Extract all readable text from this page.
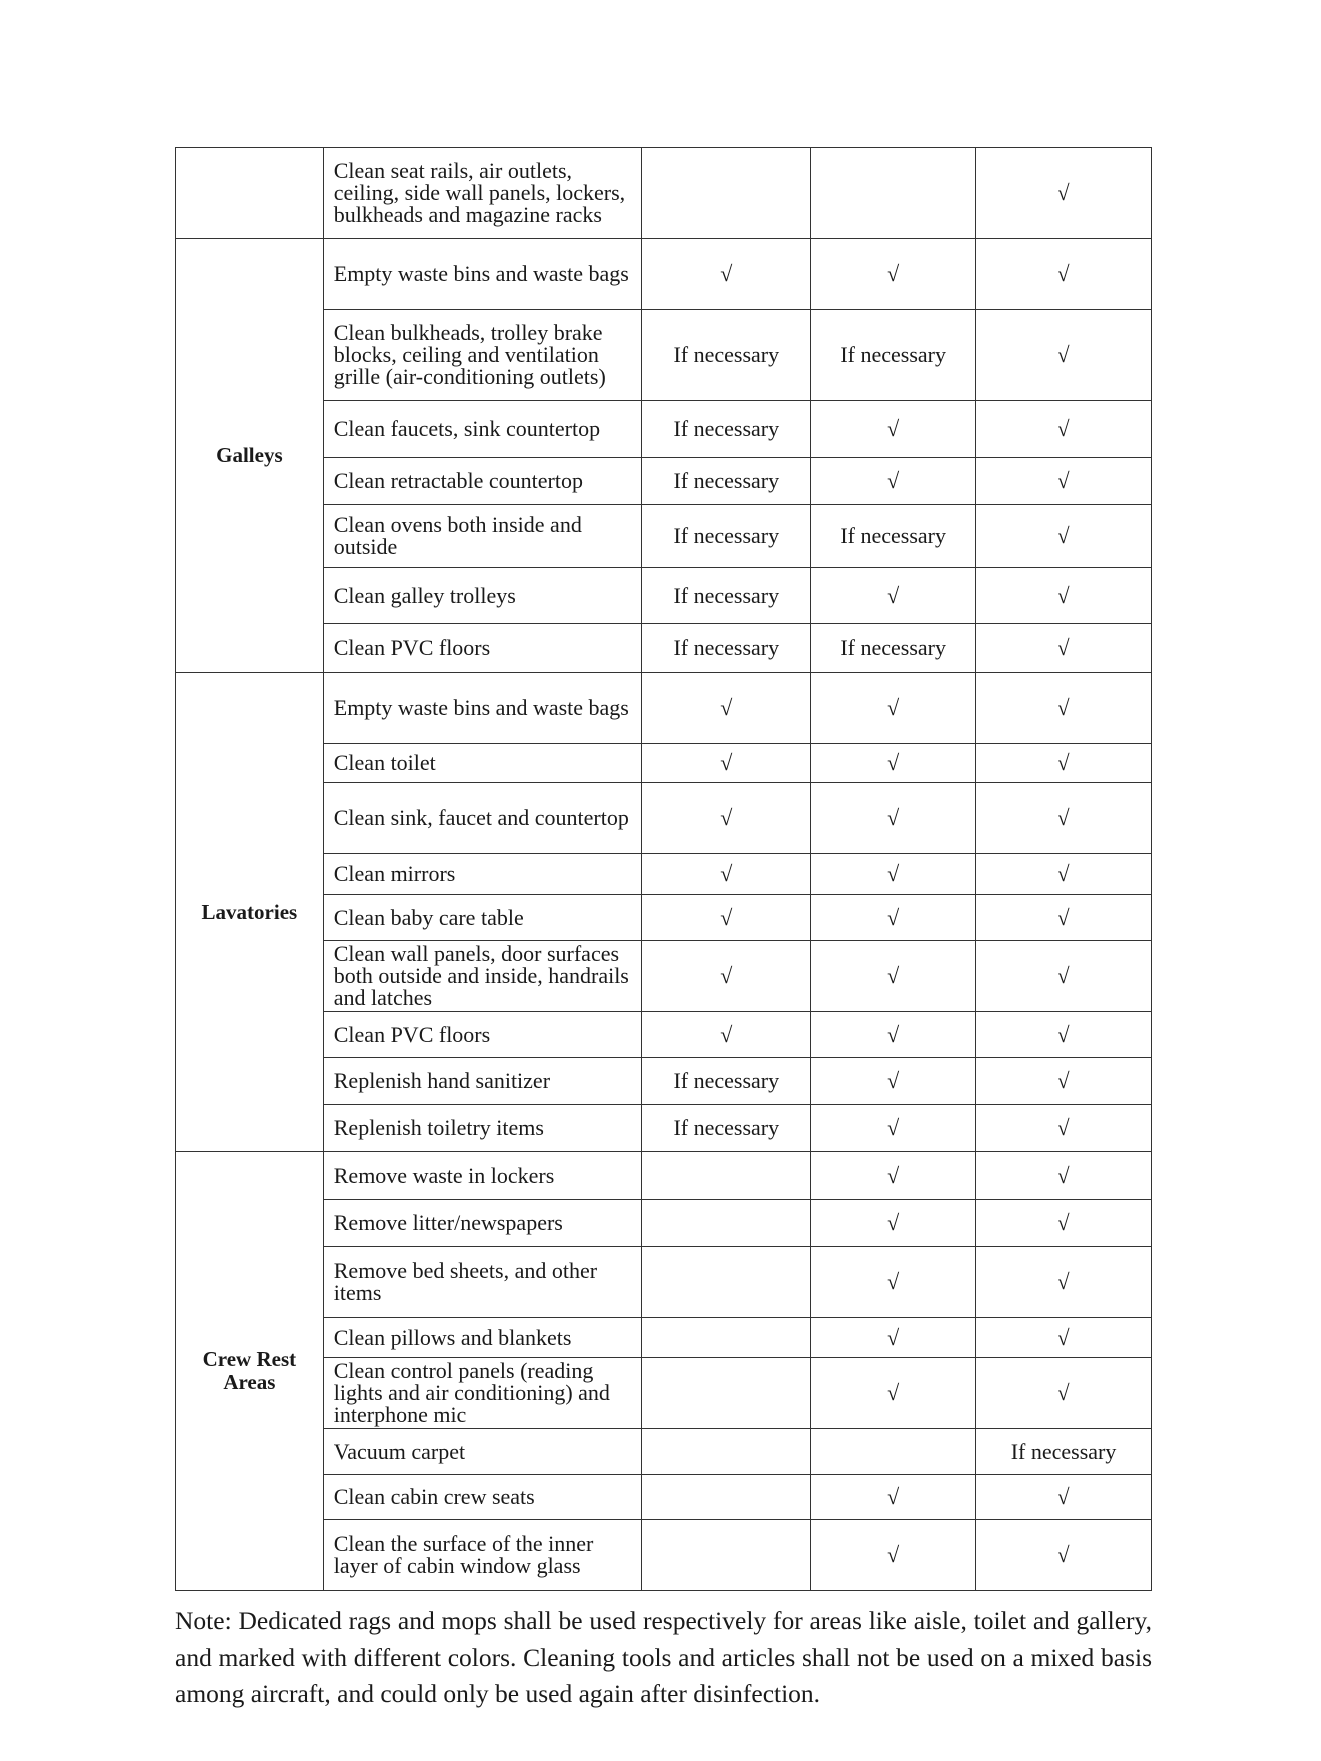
	Clean seat rails, air outlets, ceiling, side wall panels, lockers, bulkheads and magazine racks			√
Galleys	Empty waste bins and waste bags	√	√	√
	Clean bulkheads, trolley brake blocks, ceiling and ventilation grille (air-conditioning outlets)	If necessary	If necessary	√
	Clean faucets, sink countertop	If necessary	√	√
	Clean retractable countertop	If necessary	√	√
	Clean ovens both inside and outside	If necessary	If necessary	√
	Clean galley trolleys	If necessary	√	√
	Clean PVC floors	If necessary	If necessary	√
Lavatories	Empty waste bins and waste bags	√	√	√
	Clean toilet	√	√	√
	Clean sink, faucet and countertop	√	√	√
	Clean mirrors	√	√	√
	Clean baby care table	√	√	√
	Clean wall panels, door surfaces both outside and inside, handrails and latches	√	√	√
	Clean PVC floors	√	√	√
	Replenish hand sanitizer	If necessary	√	√
	Replenish toiletry items	If necessary	√	√
Crew Rest Areas	Remove waste in lockers		√	√
	Remove litter/newspapers		√	√
	Remove bed sheets, and other items		√	√
	Clean pillows and blankets		√	√
	Clean control panels (reading lights and air conditioning) and interphone mic		√	√
	Vacuum carpet			If necessary
	Clean cabin crew seats		√	√
	Clean the surface of the inner layer of cabin window glass		√	√

Note: Dedicated rags and mops shall be used respectively for areas like aisle, toilet and gallery, and marked with different colors. Cleaning tools and articles shall not be used on a mixed basis among aircraft, and could only be used again after disinfection.
